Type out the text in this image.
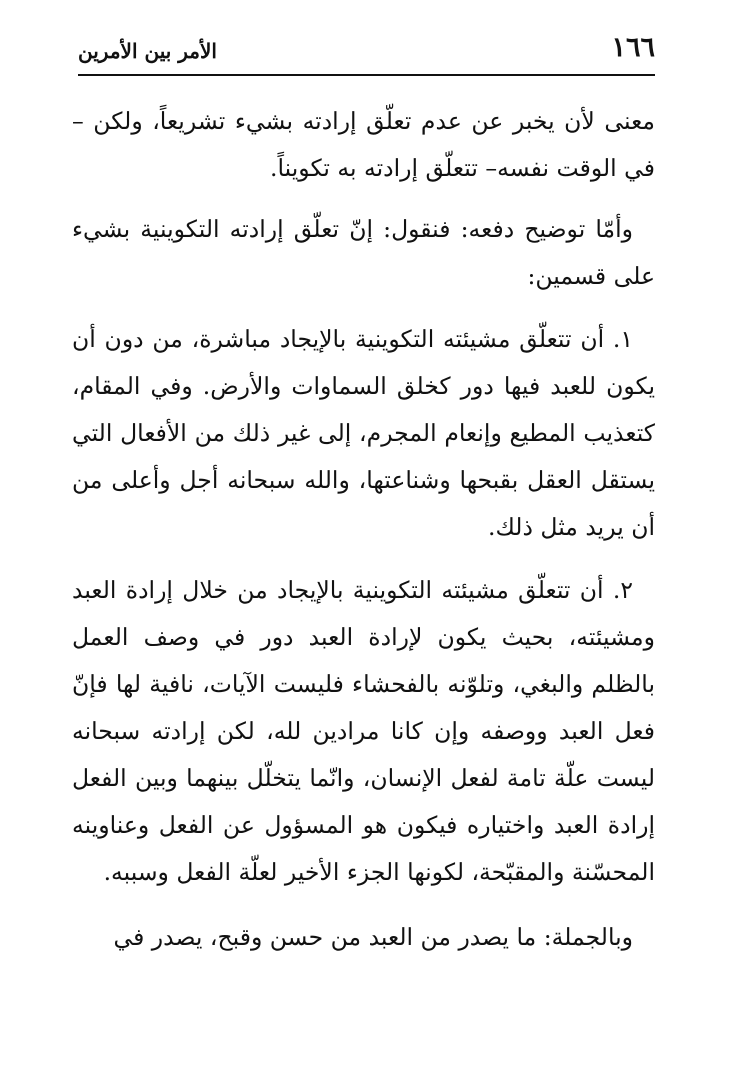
١٦٦
الأمر بين الأمرين

معنى لأن يخبر عن عدم تعلّق إرادته بشيء تشريعاً، ولكن –في الوقت نفسه– تتعلّق إرادته به تكويناً.

وأمّا توضيح دفعه: فنقول: إنّ تعلّق إرادته التكوينية بشيء على قسمين:

١. أن تتعلّق مشيئته التكوينية بالإيجاد مباشرة، من دون أن يكون للعبد فيها دور كخلق السماوات والأرض. وفي المقام، كتعذيب المطيع وإنعام المجرم، إلى غير ذلك من الأفعال التي يستقل العقل بقبحها وشناعتها، والله سبحانه أجل وأعلى من أن يريد مثل ذلك.

٢. أن تتعلّق مشيئته التكوينية بالإيجاد من خلال إرادة العبد ومشيئته، بحيث يكون لإرادة العبد دور في وصف العمل بالظلم والبغي، وتلوّنه بالفحشاء فليست الآيات، نافية لها فإنّ فعل العبد ووصفه وإن كانا مرادين لله، لكن إرادته سبحانه ليست علّة تامة لفعل الإنسان، وانّما يتخلّل بينهما وبين الفعل إرادة العبد واختياره فيكون هو المسؤول عن الفعل وعناوينه المحسّنة والمقبّحة، لكونها الجزء الأخير لعلّة الفعل وسببه.

وبالجملة: ما يصدر من العبد من حسن وقبح، يصدر في
